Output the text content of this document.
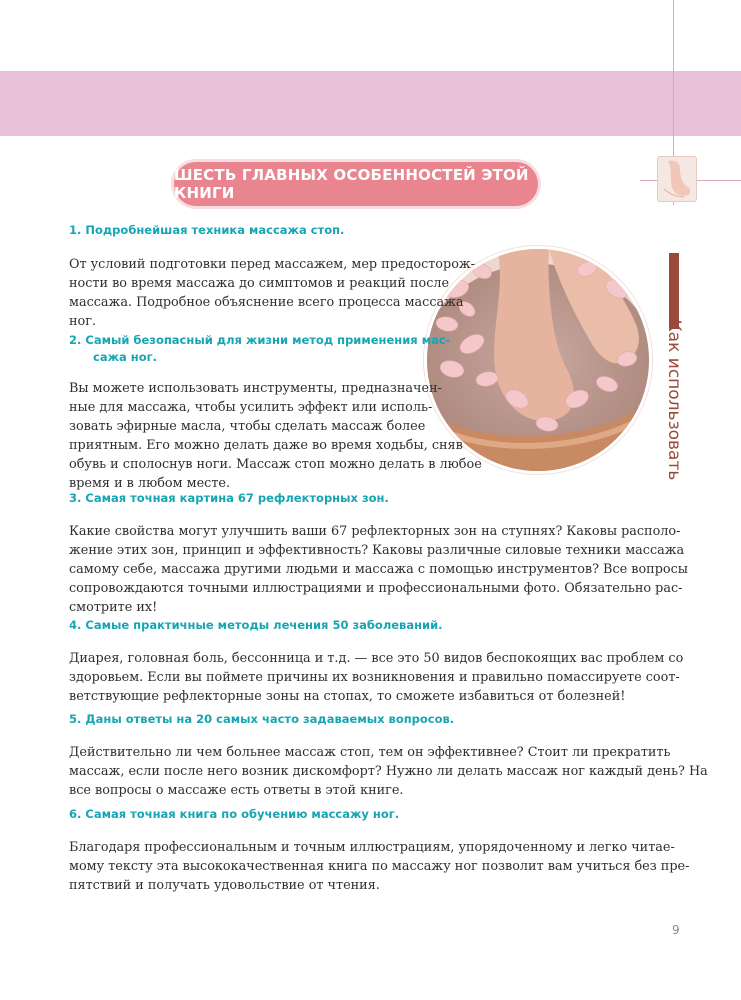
ШЕСТЬ ГЛАВНЫХ ОСОБЕННОСТЕЙ ЭТОЙ КНИГИ
Как использовать
1. Подробнейшая техника массажа стоп.
От условий подготовки перед массажем, мер предосторож-
ности во время массажа до симптомов и реакций после
массажа. Подробное объяснение всего процесса массажа
ног.
2. Самый безопасный для жизни метод применения мас-
сажа ног.
Вы можете использовать инструменты, предназначен-
ные для массажа, чтобы усилить эффект или исполь-
зовать эфирные масла, чтобы сделать массаж более
приятным. Его можно делать даже во время ходьбы, сняв
обувь и сполоснув ноги. Массаж стоп можно делать в любое
время и в любом месте.
3. Самая точная картина 67 рефлекторных зон.
Какие свойства могут улучшить ваши 67 рефлекторных зон на ступнях? Каковы располо-
жение этих зон, принцип и эффективность? Каковы различные силовые техники массажа
самому себе, массажа другими людьми и массажа с помощью инструментов? Все вопросы
сопровождаются точными иллюстрациями и профессиональными фото. Обязательно рас-
смотрите их!
4. Самые практичные методы лечения 50 заболеваний.
Диарея, головная боль, бессонница и т.д. — все это 50 видов беспокоящих вас проблем со
здоровьем. Если вы поймете причины их возникновения и правильно помассируете соот-
ветствующие рефлекторные зоны на стопах, то сможете избавиться от болезней!
5. Даны ответы на 20 самых часто задаваемых вопросов.
Действительно ли чем больнее массаж стоп, тем он эффективнее? Стоит ли прекратить
массаж, если после него возник дискомфорт? Нужно ли делать массаж ног каждый день? На
все вопросы о массаже есть ответы в этой книге.
6. Самая точная книга по обучению массажу ног.
Благодаря профессиональным и точным иллюстрациям, упорядоченному и легко читае-
мому тексту эта высококачественная книга по массажу ног позволит вам учиться без пре-
пятствий и получать удовольствие от чтения.
9
